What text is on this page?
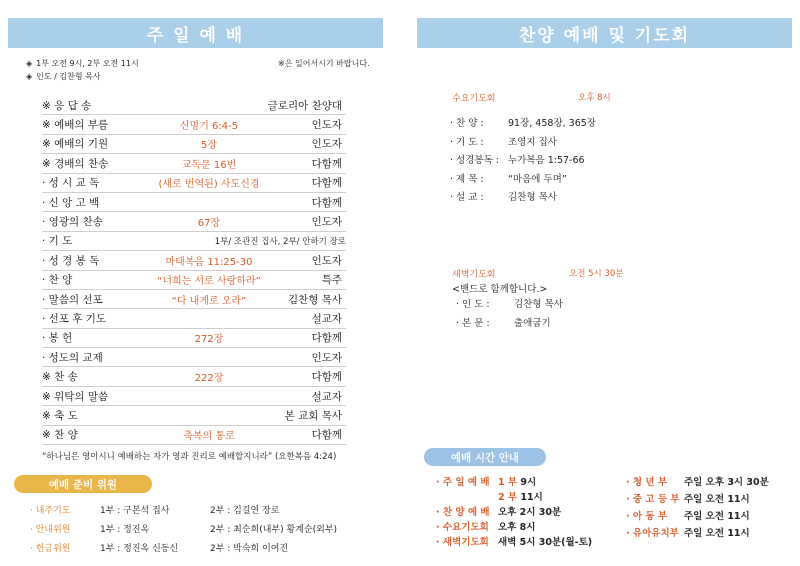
주 일 예 배
◈ 1부 오전 9시, 2부 오전 11시
◈ 인도 / 김찬형 목사
※은 일어서시기 바랍니다.
※ 응 답 송	글로리아 찬양대
※ 예배의 부름	신명기 6:4-5	인도자
※ 예배의 기원	5장	인도자
※ 경배의 찬송	교독문 16번	다함께
· 성 시 교 독	(새로 번역된) 사도신경	다함께
· 신 앙 고 백	다함께
· 영광의 찬송	67장	인도자
· 기 도	1부/ 조관진 집사, 2부/ 안하기 장로
· 성 경 봉 독	마태복음 11:25-30	인도자
· 찬 양	“너희는 서로 사랑하라”	특주
· 말씀의 선포	“다 내게로 오라”	김찬형 목사
· 선포 후 기도	설교자
· 봉 헌	272장	다함께
· 성도의 교제	인도자
※ 찬 송	222장	다함께
※ 위탁의 말씀	설교자
※ 축 도	본 교회 목사
※ 찬 양	축복의 통로	다함께
“하나님은 영이시니 예배하는 자가 영과 진리로 예배할지니라” (요한복음 4:24)
예배 준비 위원
· 내주기도	1부 : 구본석 집사	2부 : 김길연 장로
· 안내위원	1부 : 정진옥	2부 : 최순희(내부) 황계순(외부)
· 헌금위원	1부 : 정진옥 신동신	2부 : 박숙희 이여진
찬양 예배 및 기도회
수요기도회	오후 8시
· 찬 양 :	91장, 458장, 365장
· 기 도 :	조영지 집사
· 성경봉독 : 누가복음 1:57-66
· 제 목 :	“마음에 두며”
· 설 교 :	김찬형 목사
새벽기도회	오전 5시 30분
<밴드로 함께합니다.>
· 인 도 :	김찬형 목사
· 본 문 :	출애굽기
예배 시간 안내
· 주 일 예 배 1 부 9시
2 부 11시
· 찬 양 예 배 오후 2시 30분
· 수요기도회 오후 8시
· 새벽기도회 새벽 5시 30분(월-토)
· 청 년 부 주일 오후 3시 30분
· 중 고 등 부 주일 오전 11시
· 아 동 부 주일 오전 11시
· 유아유치부 주일 오전 11시
